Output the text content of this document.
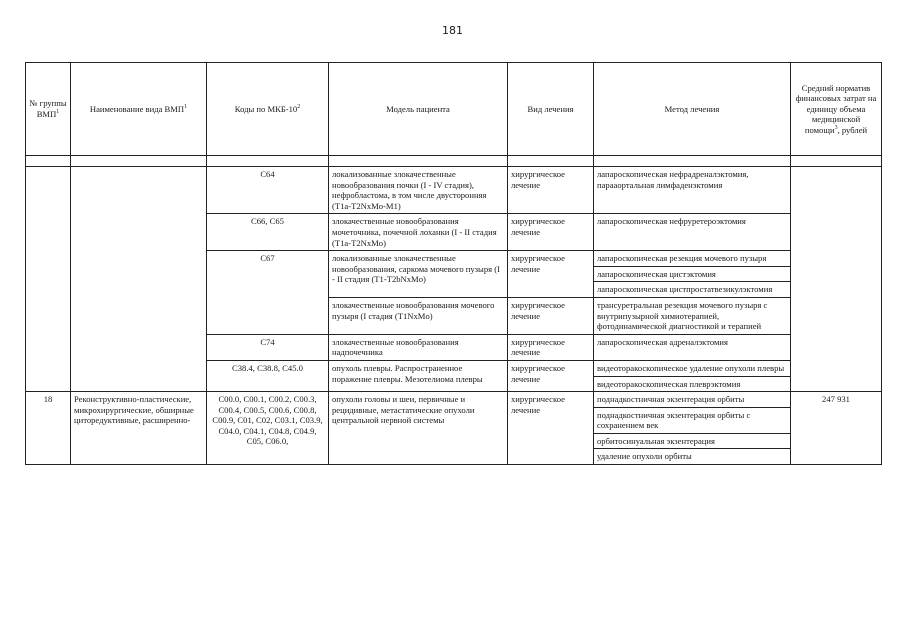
181
№ группы ВМП$^1$	Наименование вида ВМП$^1$	Коды по МКБ-$10^2$	Модель пациента	Вид лечения	Метод лечения	Средний норматив финансовых затрат на единицу объема медицинской помощи$^3$, рублей

		C64	локализованные злокачественные новообразования почки (I - IV стадия), нефробластома, в том числе двусторонняя (T1a-T2NxMo-M1)	хирургическое лечение	лапароскопическая нефрадреналэктомия, парааортальная лимфаденэктомия	
		C66, C65	злокачественные новообразования мочеточника, почечной лоханки (I - II стадия (T1a-T2NxMo)	хирургическое лечение	лапароскопическая нефруретероэктомия	
		C67	локализованные злокачественные новообразования, саркома мочевого пузыря (I - II стадия (T1-T2bNxMo)	хирургическое лечение	лапароскопическая резекция мочевого пузыря	
					лапароскопическая цистэктомия	
					лапароскопическая цистпростатвезикулэктомия	
			злокачественные новообразования мочевого пузыря (I стадия (T1NxMo)	хирургическое лечение	трансуретральная резекция мочевого пузыря с внутрипузырной химиотерапией, фотодинамической диагностикой и терапией	
		C74	злокачественные новообразования надпочечника	хирургическое лечение	лапароскопическая адреналэктомия	
		C38.4, C38.8, C45.0	опухоль плевры. Распространенное поражение плевры. Мезотелиома плевры	хирургическое лечение	видеоторакоскопическое удаление опухоли плевры	
					видеоторакоскопическая плеврэктомия	
18	Реконструктивно-пластические, микрохирургические, обширные циторедуктивные, расширенно-	C00.0, C00.1, C00.2, C00.3, C00.4, C00.5, C00.6, C00.8, C00.9, C01, C02, C03.1, C03.9, C04.0, C04.1, C04.8, C04.9, C05, C06.0,	опухоли головы и шеи, первичные и рецидивные, метастатические опухоли центральной нервной системы	хирургическое лечение	поднадкостничная экзентерация орбиты	247 931
					поднадкостничная экзентерация орбиты с сохранением век	
					орбитосинуальная экзентерация	
					удаление опухоли орбиты	
